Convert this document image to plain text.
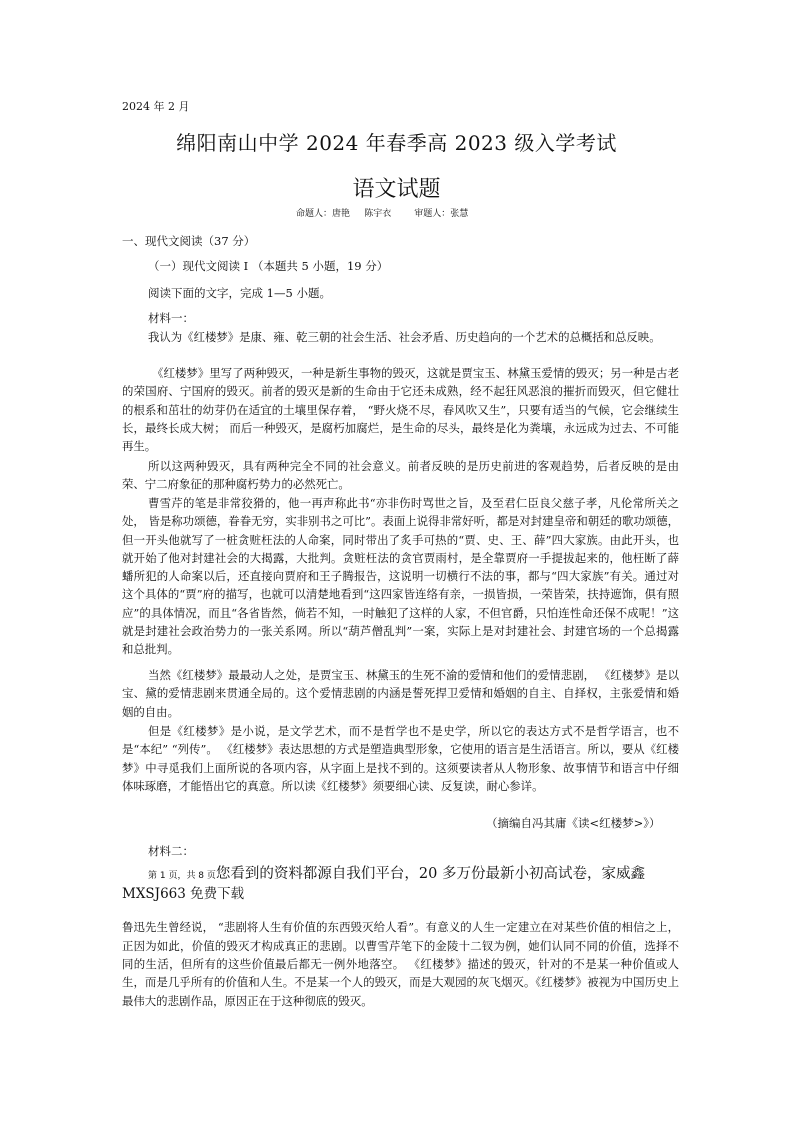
2024 年 2 月
绵阳南山中学 2024 年春季高 2023 级入学考试
语文试题
命题人：唐艳     陈宇衣        审题人：张慧
一、现代文阅读（37 分）
（一）现代文阅读 I （本题共 5 小题，19 分）
阅读下面的文字，完成 1—5 小题。
材料一：

我认为《红楼梦》是康、雍、乾三朝的社会生活、社会矛盾、历史趋向的一个艺术的总概括和总反映。

《红楼梦》里写了两种毁灭，一种是新生事物的毁灭，这就是贾宝玉、林黛玉爱情的毁灭；另一种是古老的荣国府、宁国府的毁灭。前者的毁灭是新的生命由于它还未成熟，经不起狂风恶浪的摧折而毁灭，但它健壮的根系和茁壮的幼芽仍在适宜的土壤里保存着， “野火烧不尽，春风吹又生”，只要有适当的气候，它会继续生长，最终长成大树； 而后一种毁灭，是腐朽加腐烂，是生命的尽头，最终是化为粪壤，永远成为过去、不可能再生。

所以这两种毁灭，具有两种完全不同的社会意义。前者反映的是历史前进的客观趋势，后者反映的是由荣、宁二府象征的那种腐朽势力的必然死亡。

曹雪芹的笔是非常狡猾的，他一再声称此书“亦非伤时骂世之旨，及至君仁臣良父慈子孝，凡伦常所关之处， 皆是称功颂德，眷眷无穷，实非别书之可比”。表面上说得非常好听，都是对封建皇帝和朝廷的歌功颂德，但一开头他就写了一桩贪赃枉法的人命案，同时带出了炙手可热的“贾、史、王、薛”四大家族。由此开头，也就开始了他对封建社会的大揭露，大批判。贪赃枉法的贪官贾雨村，是全靠贾府一手提拔起来的，他枉断了薛蟠所犯的人命案以后，还直接向贾府和王子腾报告，这说明一切横行不法的事，都与“四大家族”有关。通过对这个具体的“贾”府的描写，也就可以清楚地看到“这四家皆连络有亲，一损皆损，一荣皆荣，扶持遮饰，俱有照应”的具体情况，而且“各省皆然，倘若不知，一时触犯了这样的人家，不但官爵，只怕连性命还保不成呢！”这就是封建社会政治势力的一张关系网。所以“葫芦僧乱判”一案，实际上是对封建社会、封建官场的一个总揭露和总批判。

当然《红楼梦》最最动人之处，是贾宝玉、林黛玉的生死不渝的爱情和他们的爱情悲剧， 《红楼梦》是以宝、黛的爱情悲剧来贯通全局的。这个爱情悲剧的内涵是誓死捍卫爱情和婚姻的自主、自择权，主张爱情和婚姻的自由。

但是《红楼梦》是小说，是文学艺术，而不是哲学也不是史学，所以它的表达方式不是哲学语言，也不是“本纪” “列传”。 《红楼梦》表达思想的方式是塑造典型形象，它使用的语言是生活语言。所以，要从《红楼梦》中寻觅我们上面所说的各项内容，从字面上是找不到的。这须要读者从人物形象、故事情节和语言中仔细体味琢磨，才能悟出它的真意。所以读《红楼梦》须要细心读、反复读，耐心参详。

（摘编自冯其庸《读<红楼梦>》）
材料二：
第 1 页，共 8 页您看到的资料都源自我们平台，20 多万份最新小初高试卷，家威鑫
MXSJ663 免费下载

鲁迅先生曾经说， “悲剧将人生有价值的东西毁灭给人看”。有意义的人生一定建立在对某些价值的相信之上，正因为如此，价值的毁灭才构成真正的悲剧。以曹雪芹笔下的金陵十二钗为例，她们认同不同的价值，选择不同的生活，但所有的这些价值最后都无一例外地落空。 《红楼梦》描述的毁灭，针对的不是某一种价值或人生，而是几乎所有的价值和人生。不是某一个人的毁灭，而是大观园的灰飞烟灭。《红楼梦》被视为中国历史上最伟大的悲剧作品，原因正在于这种彻底的毁灭。
